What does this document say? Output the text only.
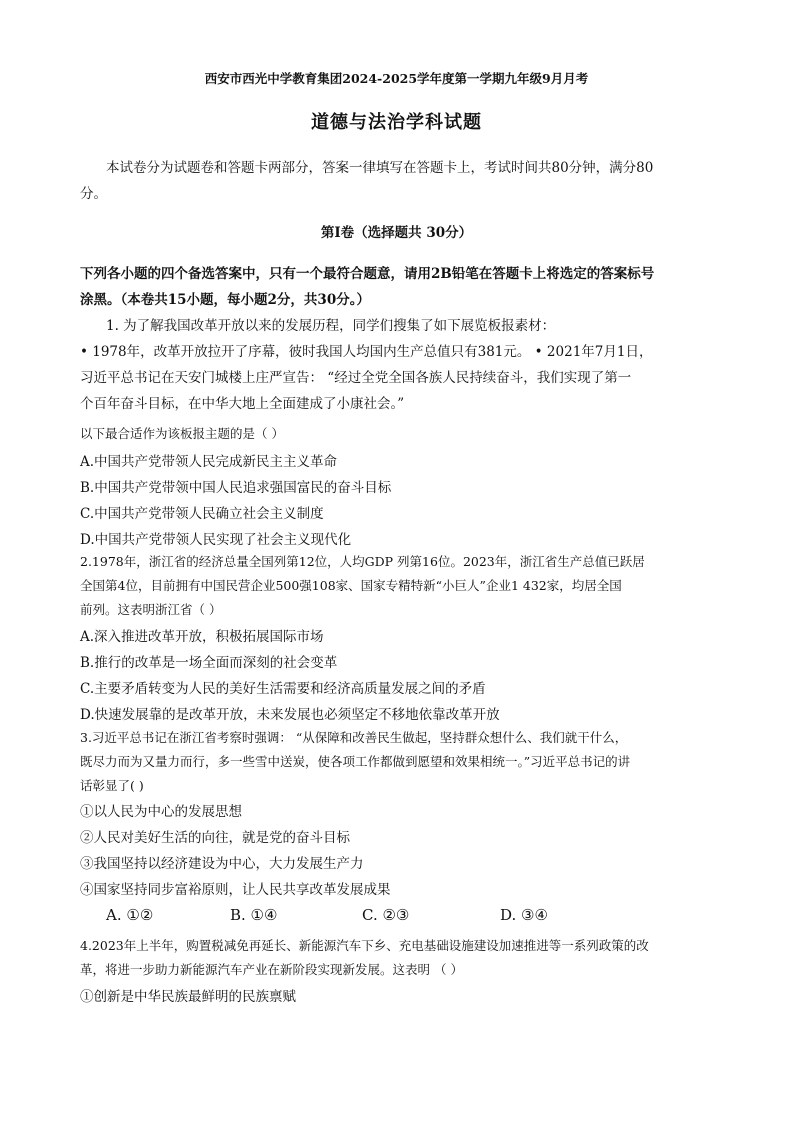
西安市西光中学教育集团2024-2025学年度第一学期九年级9月月考
道德与法治学科试题
本试卷分为试题卷和答题卡两部分，答案一律填写在答题卡上，考试时间共80分钟，满分80
分。
第Ⅰ卷（选择题共 30分）
下列各小题的四个备选答案中，只有一个最符合题意，请用2B铅笔在答题卡上将选定的答案标号
涂黑。（本卷共15小题，每小题2分，共30分。）
1. 为了解我国改革开放以来的发展历程，同学们搜集了如下展览板报素材：
• 1978年，改革开放拉开了序幕，彼时我国人均国内生产总值只有381元。 • 2021年7月1日，
习近平总书记在天安门城楼上庄严宣告： “经过全党全国各族人民持续奋斗，我们实现了第一
个百年奋斗目标，在中华大地上全面建成了小康社会。”
以下最合适作为该板报主题的是（ ）
A.中国共产党带领人民完成新民主主义革命
B.中国共产党带领中国人民追求强国富民的奋斗目标
C.中国共产党带领人民确立社会主义制度
D.中国共产党带领人民实现了社会主义现代化
2.1978年，浙江省的经济总量全国列第12位，人均GDP 列第16位。2023年，浙江省生产总值已跃居
全国第4位，目前拥有中国民营企业500强108家、国家专精特新“小巨人”企业1 432家，均居全国
前列。这表明浙江省（ ）
A.深入推进改革开放，积极拓展国际市场
B.推行的改革是一场全面而深刻的社会变革
C.主要矛盾转变为人民的美好生活需要和经济高质量发展之间的矛盾
D.快速发展靠的是改革开放，未来发展也必须坚定不移地依靠改革开放
3.习近平总书记在浙江省考察时强调： “从保障和改善民生做起，坚持群众想什么、我们就干什么，
既尽力而为又量力而行，多一些雪中送炭，使各项工作都做到愿望和效果相统一。”习近平总书记的讲
话彰显了( )
①以人民为中心的发展思想
②人民对美好生活的向往，就是党的奋斗目标
③我国坚持以经济建设为中心，大力发展生产力
④国家坚持同步富裕原则，让人民共享改革发展成果
A. ①②	B. ①④	C. ②③	D. ③④
4.2023年上半年，购置税减免再延长、新能源汽车下乡、充电基础设施建设加速推进等一系列政策的改
革，将进一步助力新能源汽车产业在新阶段实现新发展。这表明 （ ）
①创新是中华民族最鲜明的民族禀赋
